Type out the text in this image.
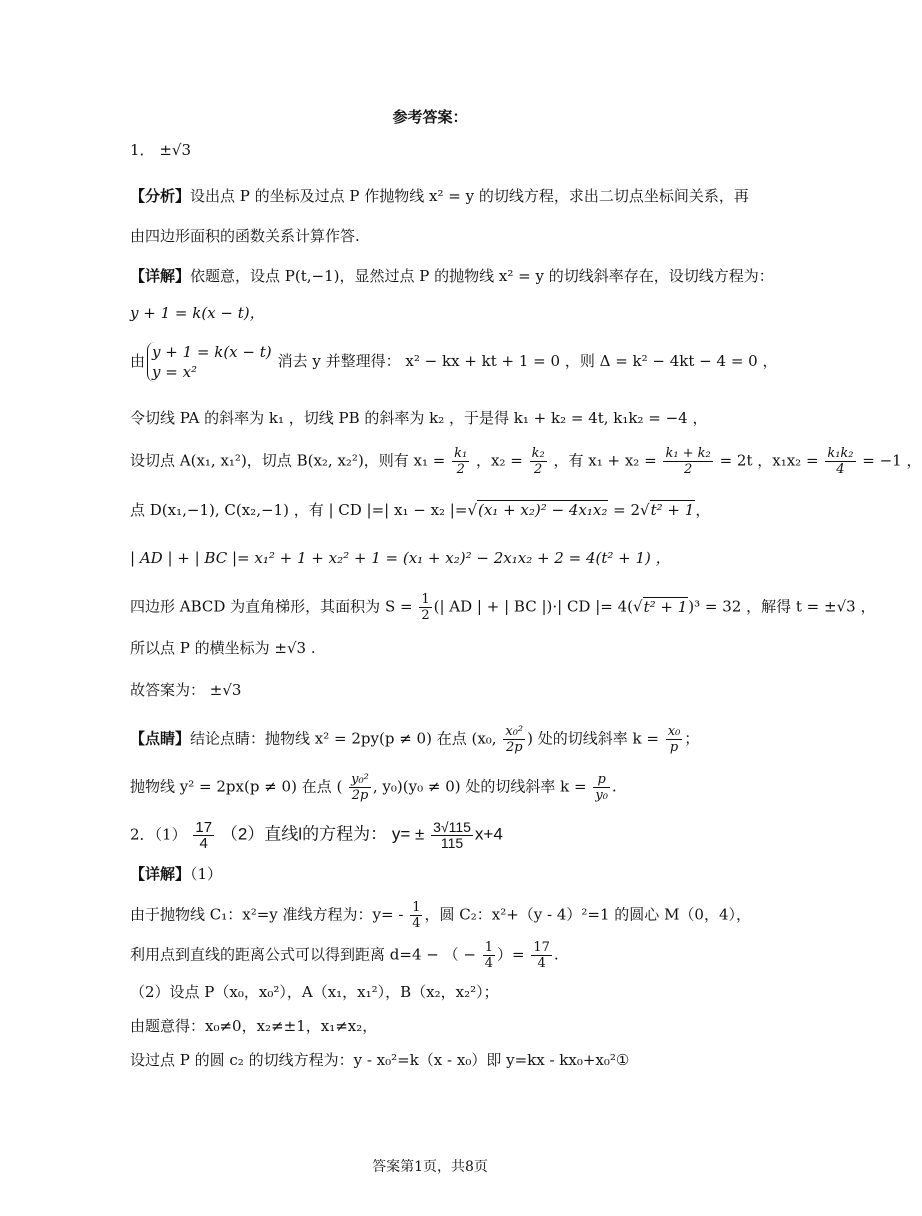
参考答案：
1． ±√3
【分析】设出点 P 的坐标及过点 P 作抛物线 x² = y 的切线方程，求出二切点坐标间关系，再
由四边形面积的函数关系计算作答.
【详解】依题意，设点 P(t,−1)，显然过点 P 的抛物线 x² = y 的切线斜率存在，设切线方程为：
y + 1 = k(x − t)，
由 y + 1 = k(x − t)
y = x²
消去 y 并整理得： x² − kx + kt + 1 = 0 ，则 Δ = k² − 4kt − 4 = 0 ，
令切线 PA 的斜率为 k₁ ，切线 PB 的斜率为 k₂ ，于是得 k₁ + k₂ = 4t, k₁k₂ = −4 ，
设切点 A(x₁, x₁²)，切点 B(x₂, x₂²)，则有 $x_1 = \frac{\text{k₁}}{2}$ ，$x_2 = \frac{\text{k₂}}{2}$ ，有 $x_1 + x_2 = \frac{\text{k₁ + k₂}}{2} = 2t$ ，$x_1x_2 = \frac{\text{k₁k₂}}{4} = -1$ ，
点 D(x₁,−1), C(x₂,−1) ，有 | CD |=| x₁ − x₂ |=√(x₁ + x₂)² − 4x₁x₂ = 2√t² + 1，
| AD | + | BC |= x₁² + 1 + x₂² + 1 = (x₁ + x₂)² − 2x₁x₂ + 2 = 4(t² + 1) ，
四边形 ABCD 为直角梯形，其面积为 $S = \frac{1}{2}$ (| AD | + | BC |)·| CD |= 4(√t² + 1)³ = 32 ，解得 t = ±√3 ，
所以点 P 的横坐标为 ±√3 .
故答案为： ±√3
【点睛】结论点睛：抛物线 x² = 2py(p ≠ 0) 在点 (x₀, $\frac{\text{x₀²}}{2p}$ ) 处的切线斜率 $k = \frac{\text{x₀}}{p}$ ；
抛物线 y² = 2px(p ≠ 0) 在点 ( $\frac{\text{y₀²}}{2p}$ , y₀)(y₀ ≠ 0) 处的切线斜率 $k = \frac{p}{\text{y₀}}$ .
2．$(1) \frac{17}{4} (2)$直线l的方程为： $y= \pm \frac{3√115}{115} x+4$
【详解】（1）
由于抛物线 C₁：x²=y 准线方程为：$y= - \frac{1}{4}$ ，圆 C₂：x²+（y - 4）²=1 的圆心 M（0，4），
利用点到直线的距离公式可以得到距离 d=4 − （ − $\frac{1}{4}$ ）= $\frac{17}{4}$ .
（2）设点 P（x₀，x₀²），A（x₁，x₁²），B（x₂，x₂²）；
由题意得：x₀≠0，x₂≠±1，x₁≠x₂，
设过点 P 的圆 c₂ 的切线方程为：y - x₀²=k（x - x₀）即 y=kx - kx₀+x₀²①
答案第1页，共8页
